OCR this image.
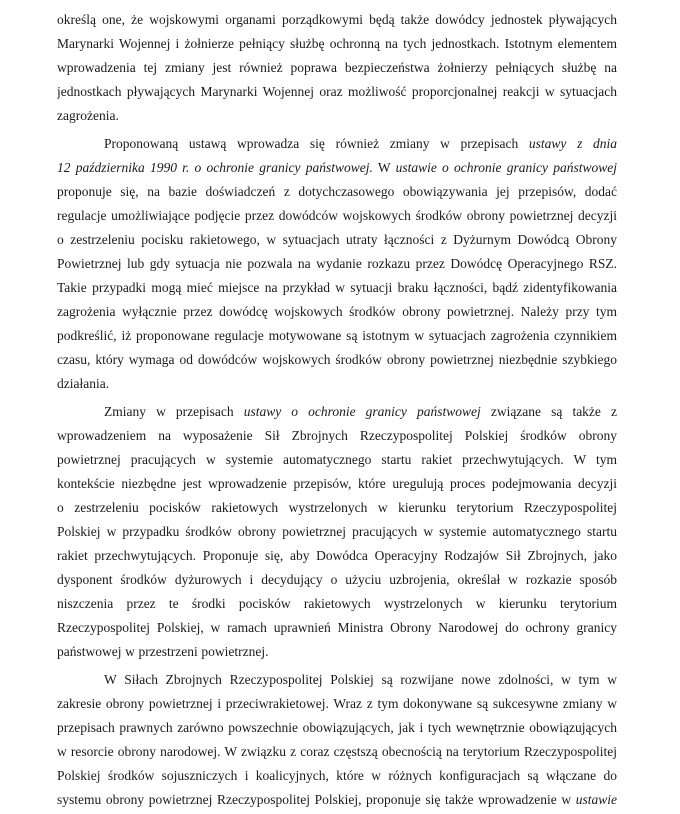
określą one, że wojskowymi organami porządkowymi będą także dowódcy jednostek pływających
Marynarki Wojennej i żołnierze pełniący służbę ochronną na tych jednostkach. Istotnym elementem
wprowadzenia tej zmiany jest również poprawa bezpieczeństwa żołnierzy pełniących służbę na
jednostkach pływających Marynarki Wojennej oraz możliwość proporcjonalnej reakcji w sytuacjach
zagrożenia.
Proponowaną ustawą wprowadza się również zmiany w przepisach ustawy z dnia
12 października 1990 r. o ochronie granicy państwowej. W ustawie o ochronie granicy państwowej
proponuje się, na bazie doświadczeń z dotychczasowego obowiązywania jej przepisów, dodać
regulacje umożliwiające podjęcie przez dowódców wojskowych środków obrony powietrznej decyzji
o zestrzeleniu pocisku rakietowego, w sytuacjach utraty łączności z Dyżurnym Dowódcą Obrony
Powietrznej lub gdy sytuacja nie pozwala na wydanie rozkazu przez Dowódcę Operacyjnego RSZ.
Takie przypadki mogą mieć miejsce na przykład w sytuacji braku łączności, bądź zidentyfikowania
zagrożenia wyłącznie przez dowódcę wojskowych środków obrony powietrznej. Należy przy tym
podkreślić, iż proponowane regulacje motywowane są istotnym w sytuacjach zagrożenia czynnikiem
czasu, który wymaga od dowódców wojskowych środków obrony powietrznej niezbędnie szybkiego
działania.
Zmiany w przepisach ustawy o ochronie granicy państwowej związane są także z
wprowadzeniem na wyposażenie Sił Zbrojnych Rzeczypospolitej Polskiej środków obrony
powietrznej pracujących w systemie automatycznego startu rakiet przechwytujących. W tym
kontekście niezbędne jest wprowadzenie przepisów, które uregulują proces podejmowania decyzji
o zestrzeleniu pocisków rakietowych wystrzelonych w kierunku terytorium Rzeczypospolitej
Polskiej w przypadku środków obrony powietrznej pracujących w systemie automatycznego startu
rakiet przechwytujących. Proponuje się, aby Dowódca Operacyjny Rodzajów Sił Zbrojnych, jako
dysponent środków dyżurowych i decydujący o użyciu uzbrojenia, określał w rozkazie sposób
niszczenia przez te środki pocisków rakietowych wystrzelonych w kierunku terytorium
Rzeczypospolitej Polskiej, w ramach uprawnień Ministra Obrony Narodowej do ochrony granicy
państwowej w przestrzeni powietrznej.
W Siłach Zbrojnych Rzeczypospolitej Polskiej są rozwijane nowe zdolności, w tym w
zakresie obrony powietrznej i przeciwrakietowej. Wraz z tym dokonywane są sukcesywne zmiany w
przepisach prawnych zarówno powszechnie obowiązujących, jak i tych wewnętrznie obowiązujących
w resorcie obrony narodowej. W związku z coraz częstszą obecnością na terytorium Rzeczypospolitej
Polskiej środków sojuszniczych i koalicyjnych, które w różnych konfiguracjach są włączane do
systemu obrony powietrznej Rzeczypospolitej Polskiej, proponuje się także wprowadzenie w ustawie
